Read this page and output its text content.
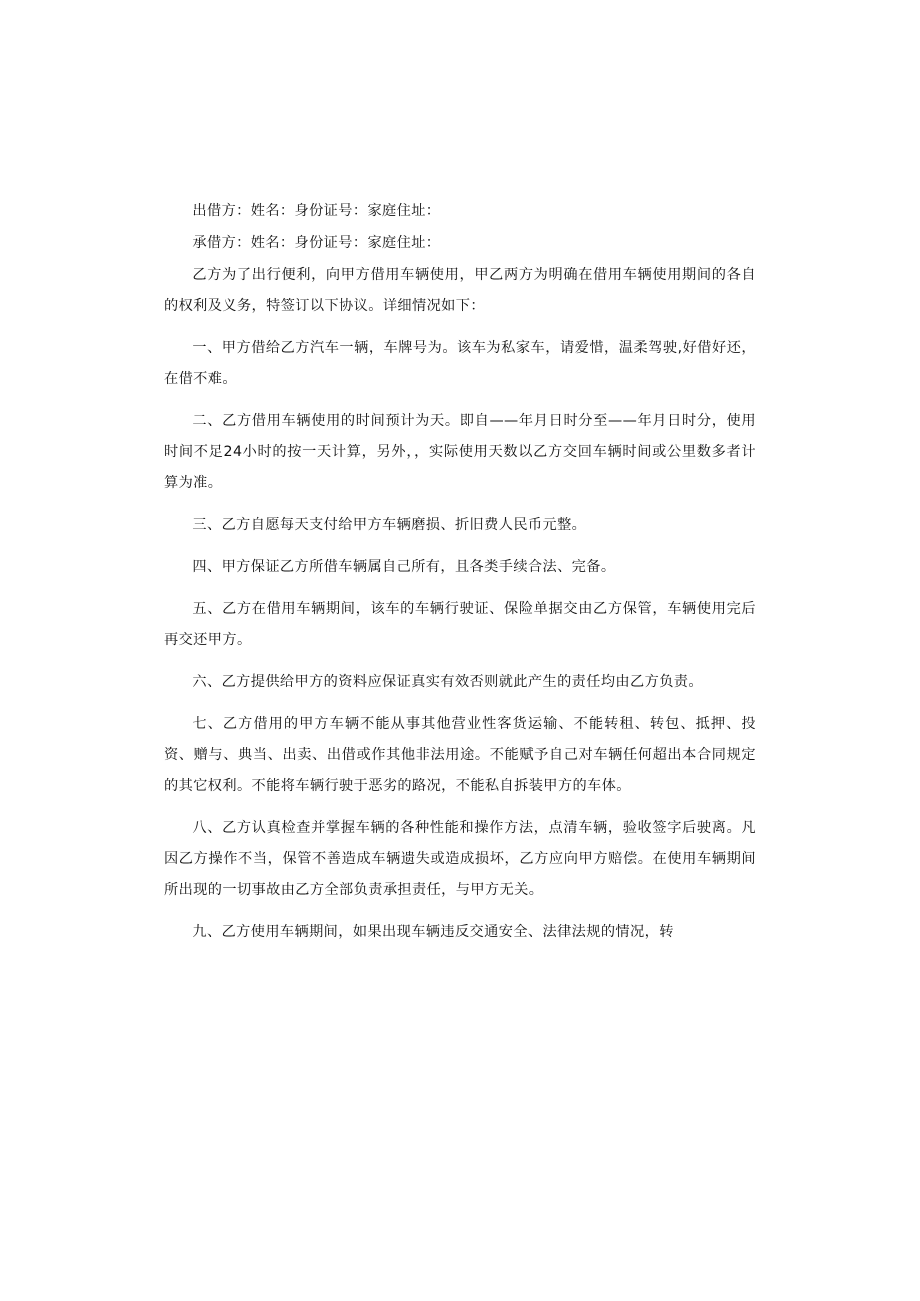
出借方：姓名：身份证号：家庭住址：

承借方：姓名：身份证号：家庭住址：

乙方为了出行便利，向甲方借用车辆使用，甲乙两方为明确在借用车辆使用期间的各自的权利及义务，特签订以下协议。详细情况如下：

一、甲方借给乙方汽车一辆，车牌号为。该车为私家车，请爱惜，温柔驾驶,好借好还，在借不难。

二、乙方借用车辆使用的时间预计为天。即自——年月日时分至——年月日时分，使用时间不足24小时的按一天计算，另外，，实际使用天数以乙方交回车辆时间或公里数多者计算为准。

三、乙方自愿每天支付给甲方车辆磨损、折旧费人民币元整。

四、甲方保证乙方所借车辆属自己所有，且各类手续合法、完备。

五、乙方在借用车辆期间，该车的车辆行驶证、保险单据交由乙方保管，车辆使用完后再交还甲方。

六、乙方提供给甲方的资料应保证真实有效否则就此产生的责任均由乙方负责。

七、乙方借用的甲方车辆不能从事其他营业性客货运输、不能转租、转包、抵押、投资、赠与、典当、出卖、出借或作其他非法用途。不能赋予自己对车辆任何超出本合同规定的其它权利。不能将车辆行驶于恶劣的路况，不能私自拆装甲方的车体。

八、乙方认真检查并掌握车辆的各种性能和操作方法，点清车辆，验收签字后驶离。凡因乙方操作不当，保管不善造成车辆遗失或造成损坏，乙方应向甲方赔偿。在使用车辆期间所出现的一切事故由乙方全部负责承担责任，与甲方无关。

九、乙方使用车辆期间，如果出现车辆违反交通安全、法律法规的情况，转
